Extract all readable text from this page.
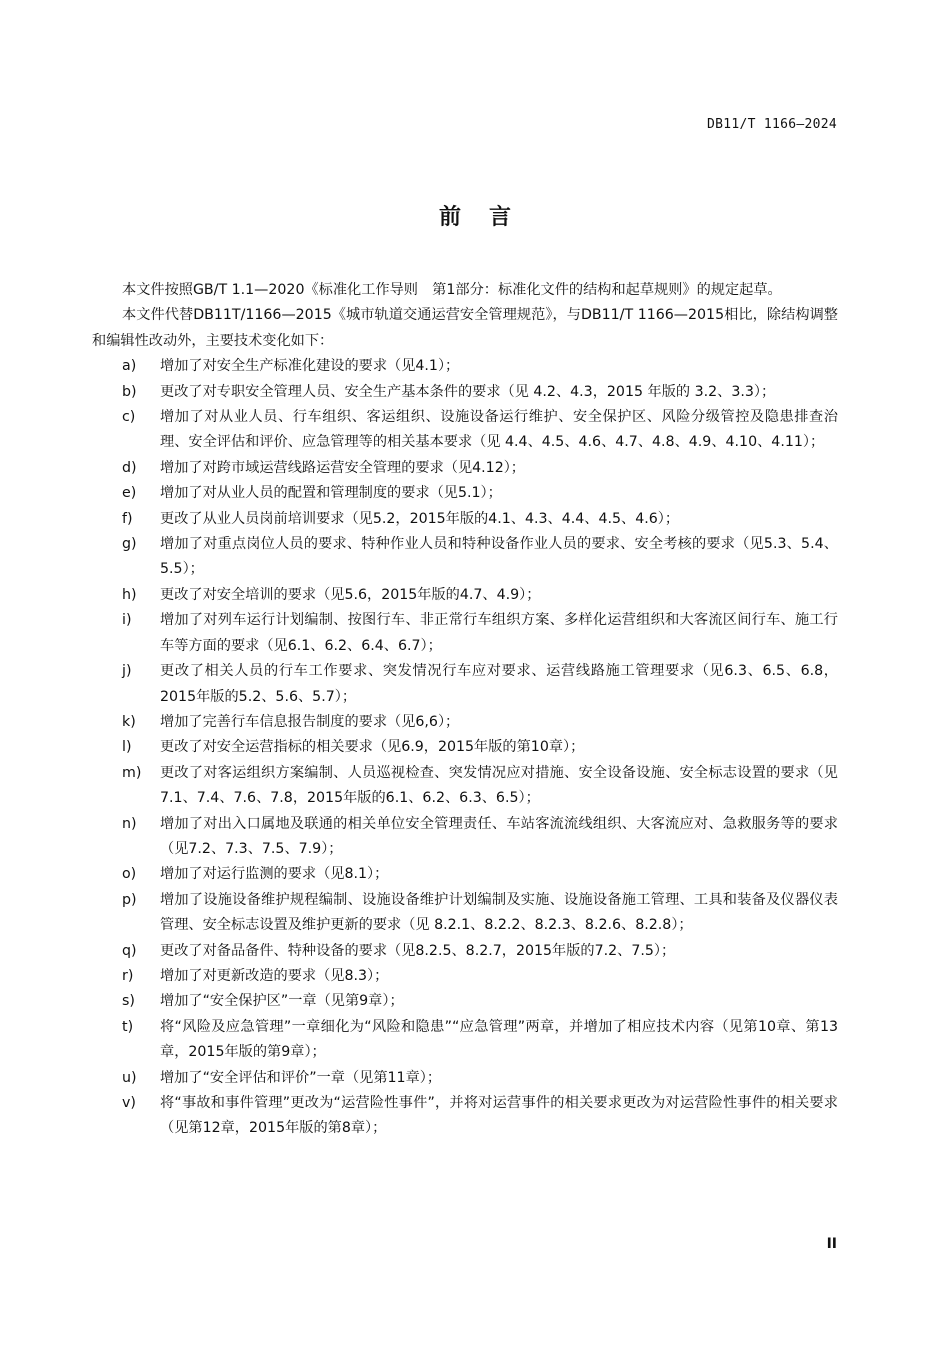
DB11/T 1166—2024
前言

本文件按照GB/T 1.1—2020《标准化工作导则　第1部分：标准化文件的结构和起草规则》的规定起草。

本文件代替DB11T/1166—2015《城市轨道交通运营安全管理规范》，与DB11/T 1166—2015相比，除结构调整和编辑性改动外，主要技术变化如下：

a)	增加了对安全生产标准化建设的要求（见4.1）；
b)	更改了对专职安全管理人员、安全生产基本条件的要求（见 4.2、4.3，2015 年版的 3.2、3.3）；
c)	增加了对从业人员、行车组织、客运组织、设施设备运行维护、安全保护区、风险分级管控及隐患排查治理、安全评估和评价、应急管理等的相关基本要求（见 4.4、4.5、4.6、4.7、4.8、4.9、4.10、4.11）；
d)	增加了对跨市域运营线路运营安全管理的要求（见4.12）；
e)	增加了对从业人员的配置和管理制度的要求（见5.1）；
f)	更改了从业人员岗前培训要求（见5.2，2015年版的4.1、4.3、4.4、4.5、4.6）；
g)	增加了对重点岗位人员的要求、特种作业人员和特种设备作业人员的要求、安全考核的要求（见5.3、5.4、5.5）；
h)	更改了对安全培训的要求（见5.6，2015年版的4.7、4.9）；
i)	增加了对列车运行计划编制、按图行车、非正常行车组织方案、多样化运营组织和大客流区间行车、施工行车等方面的要求（见6.1、6.2、6.4、6.7）；
j)	更改了相关人员的行车工作要求、突发情况行车应对要求、运营线路施工管理要求（见6.3、6.5、6.8，2015年版的5.2、5.6、5.7）；
k)	增加了完善行车信息报告制度的要求（见6,6）；
l)	更改了对安全运营指标的相关要求（见6.9，2015年版的第10章）；
m)	更改了对客运组织方案编制、人员巡视检查、突发情况应对措施、安全设备设施、安全标志设置的要求（见7.1、7.4、7.6、7.8，2015年版的6.1、6.2、6.3、6.5）；
n)	增加了对出入口属地及联通的相关单位安全管理责任、车站客流流线组织、大客流应对、急救服务等的要求（见7.2、7.3、7.5、7.9）；
o)	增加了对运行监测的要求（见8.1）；
p)	增加了设施设备维护规程编制、设施设备维护计划编制及实施、设施设备施工管理、工具和装备及仪器仪表管理、安全标志设置及维护更新的要求（见 8.2.1、8.2.2、8.2.3、8.2.6、8.2.8）；
q)	更改了对备品备件、特种设备的要求（见8.2.5、8.2.7，2015年版的7.2、7.5）；
r)	增加了对更新改造的要求（见8.3）；
s)	增加了“安全保护区”一章（见第9章）；
t)	将“风险及应急管理”一章细化为“风险和隐患”“应急管理”两章，并增加了相应技术内容（见第10章、第13章，2015年版的第9章）；
u)	增加了“安全评估和评价”一章（见第11章）；
v)	将“事故和事件管理”更改为“运营险性事件”，并将对运营事件的相关要求更改为对运营险性事件的相关要求（见第12章，2015年版的第8章）；
II
